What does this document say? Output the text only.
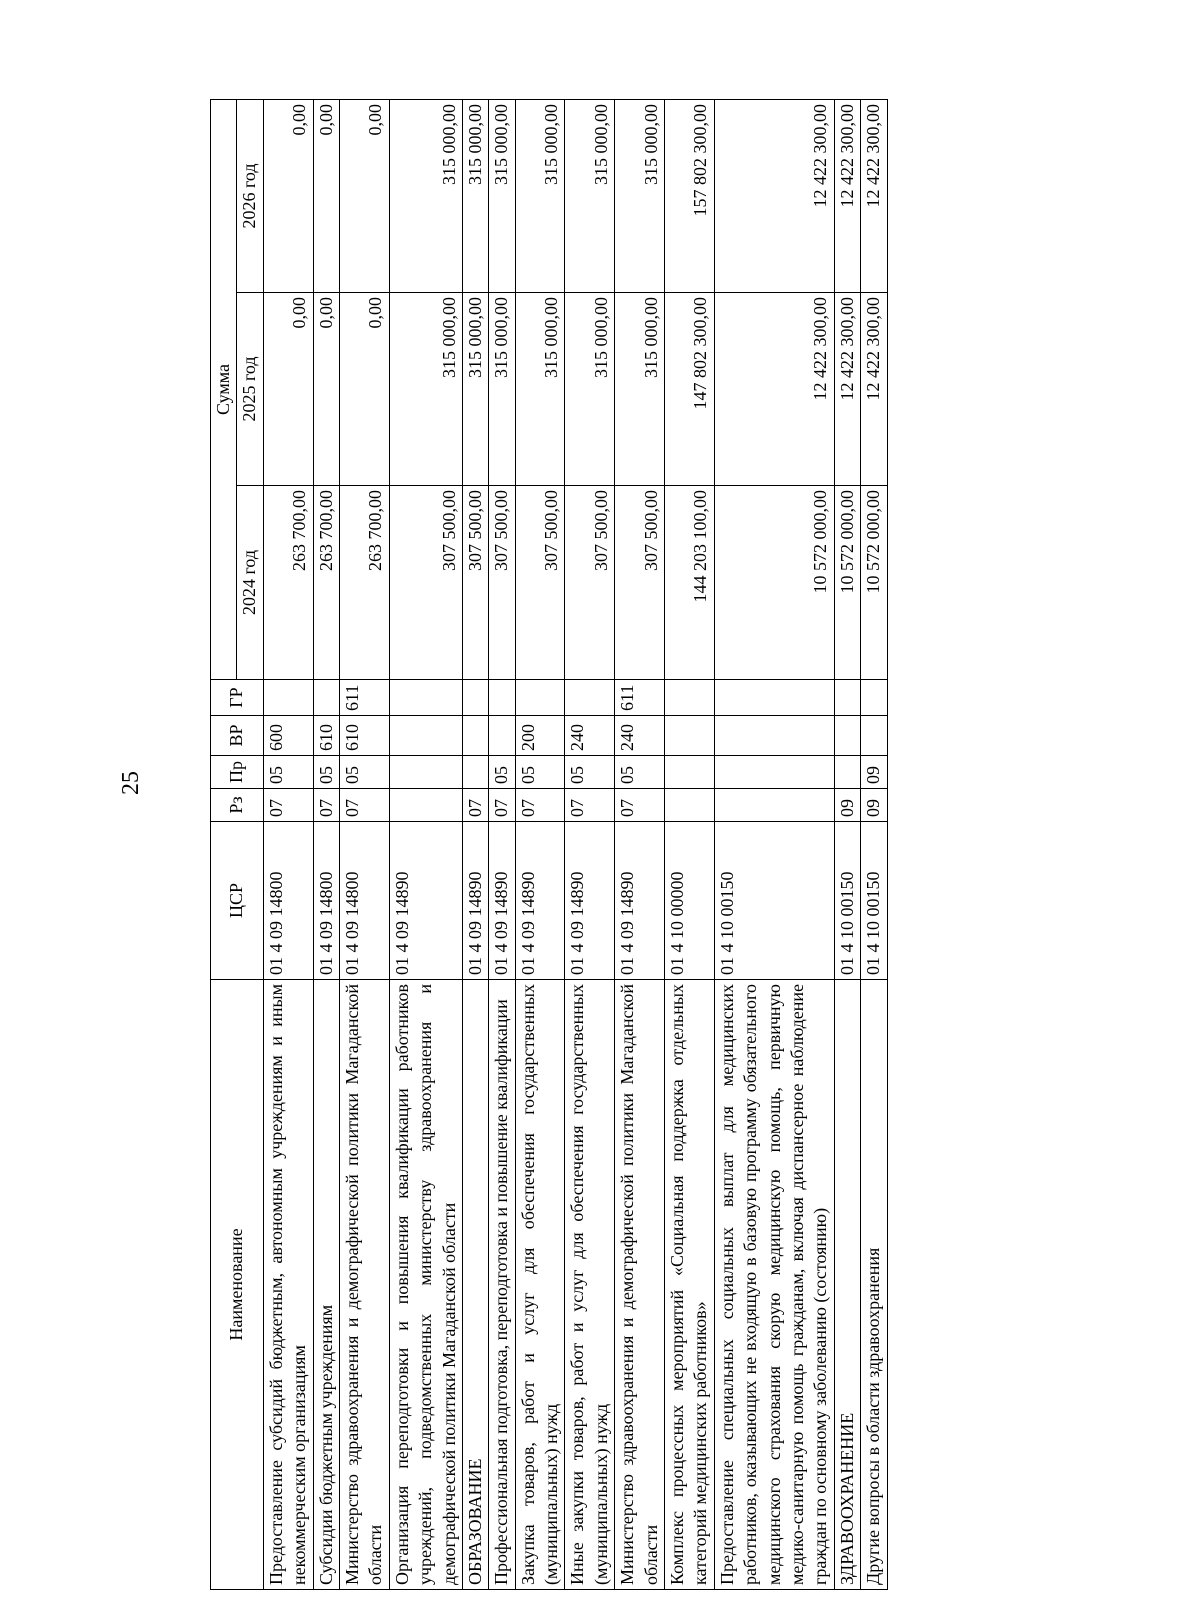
25
Наименование	ЦСР	Рз	Пр	ВР	ГР	Сумма		
						2024 год	2025 год	2026 год
Предоставление субсидий бюджетным, автономным учреждениям и иным некоммерческим организациям	01 4 09 14800	07	05	600		263 700,00	0,00	0,00
Субсидии бюджетным учреждениям	01 4 09 14800	07	05	610		263 700,00	0,00	0,00
Министерство здравоохранения и демографической политики Магаданской области	01 4 09 14800	07	05	610	611	263 700,00	0,00	0,00
Организация переподготовки и повышения квалификации работников учреждений, подведомственных министерству здравоохранения и демографической политики Магаданской области	01 4 09 14890					307 500,00	315 000,00	315 000,00
ОБРАЗОВАНИЕ	01 4 09 14890	07				307 500,00	315 000,00	315 000,00
Профессиональная подготовка, переподготовка и повышение квалификации	01 4 09 14890	07	05			307 500,00	315 000,00	315 000,00
Закупка товаров, работ и услуг для обеспечения государственных (муниципальных) нужд	01 4 09 14890	07	05	200		307 500,00	315 000,00	315 000,00
Иные закупки товаров, работ и услуг для обеспечения государственных (муниципальных) нужд	01 4 09 14890	07	05	240		307 500,00	315 000,00	315 000,00
Министерство здравоохранения и демографической политики Магаданской области	01 4 09 14890	07	05	240	611	307 500,00	315 000,00	315 000,00
Комплекс процессных мероприятий «Социальная поддержка отдельных категорий медицинских работников»	01 4 10 00000					144 203 100,00	147 802 300,00	157 802 300,00
Предоставление специальных социальных выплат для медицинских работников, оказывающих не входящую в базовую программу обязательного медицинского страхования скорую медицинскую помощь, первичную медико-санитарную помощь гражданам, включая диспансерное наблюдение граждан по основному заболеванию (состоянию)	01 4 10 00150					10 572 000,00	12 422 300,00	12 422 300,00
ЗДРАВООХРАНЕНИЕ	01 4 10 00150	09				10 572 000,00	12 422 300,00	12 422 300,00
Другие вопросы в области здравоохранения	01 4 10 00150	09	09			10 572 000,00	12 422 300,00	12 422 300,00
